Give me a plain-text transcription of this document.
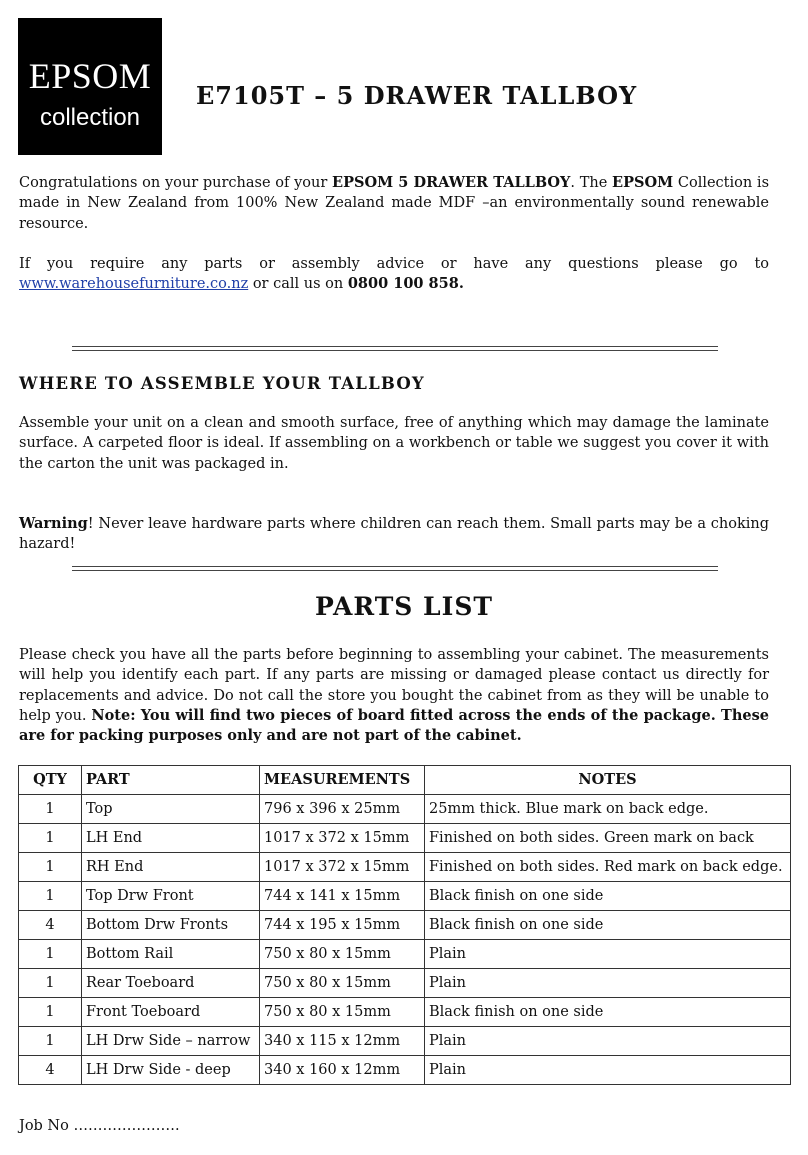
EPSOM
collection
E7105T – 5 DRAWER TALLBOY

Congratulations on your purchase of your EPSOM 5 DRAWER TALLBOY. The EPSOM Collection is made in New Zealand from 100% New Zealand made MDF –an environmentally sound renewable resource.

If you require any parts or assembly advice or have any questions please go to www.warehousefurniture.co.nz or call us on 0800 100 858.

WHERE TO ASSEMBLE YOUR TALLBOY

Assemble your unit on a clean and smooth surface, free of anything which may damage the laminate surface. A carpeted floor is ideal. If assembling on a workbench or table we suggest you cover it with the carton the unit was packaged in.

Warning! Never leave hardware parts where children can reach them. Small parts may be a choking hazard!

PARTS LIST

Please check you have all the parts before beginning to assembling your cabinet. The measurements will help you identify each part. If any parts are missing or damaged please contact us directly for replacements and advice. Do not call the store you bought the cabinet from as they will be unable to help you. Note: You will find two pieces of board fitted across the ends of the package. These are for packing purposes only and are not part of the cabinet.

QTY	PART	MEASUREMENTS	NOTES
1	Top	796 x 396 x 25mm	25mm thick. Blue mark on back edge.
1	LH End	1017 x 372 x 15mm	Finished on both sides. Green mark on back
1	RH End	1017 x 372 x 15mm	Finished on both sides. Red mark on back edge.
1	Top Drw Front	744 x 141 x 15mm	Black finish on one side
4	Bottom Drw Fronts	744 x 195 x 15mm	Black finish on one side
1	Bottom Rail	750 x 80 x 15mm	Plain
1	Rear Toeboard	750 x 80 x 15mm	Plain
1	Front Toeboard	750 x 80 x 15mm	Black finish on one side
1	LH Drw Side – narrow	340 x 115 x 12mm	Plain
4	LH Drw Side - deep	340 x 160 x 12mm	Plain
Job No ………………….
